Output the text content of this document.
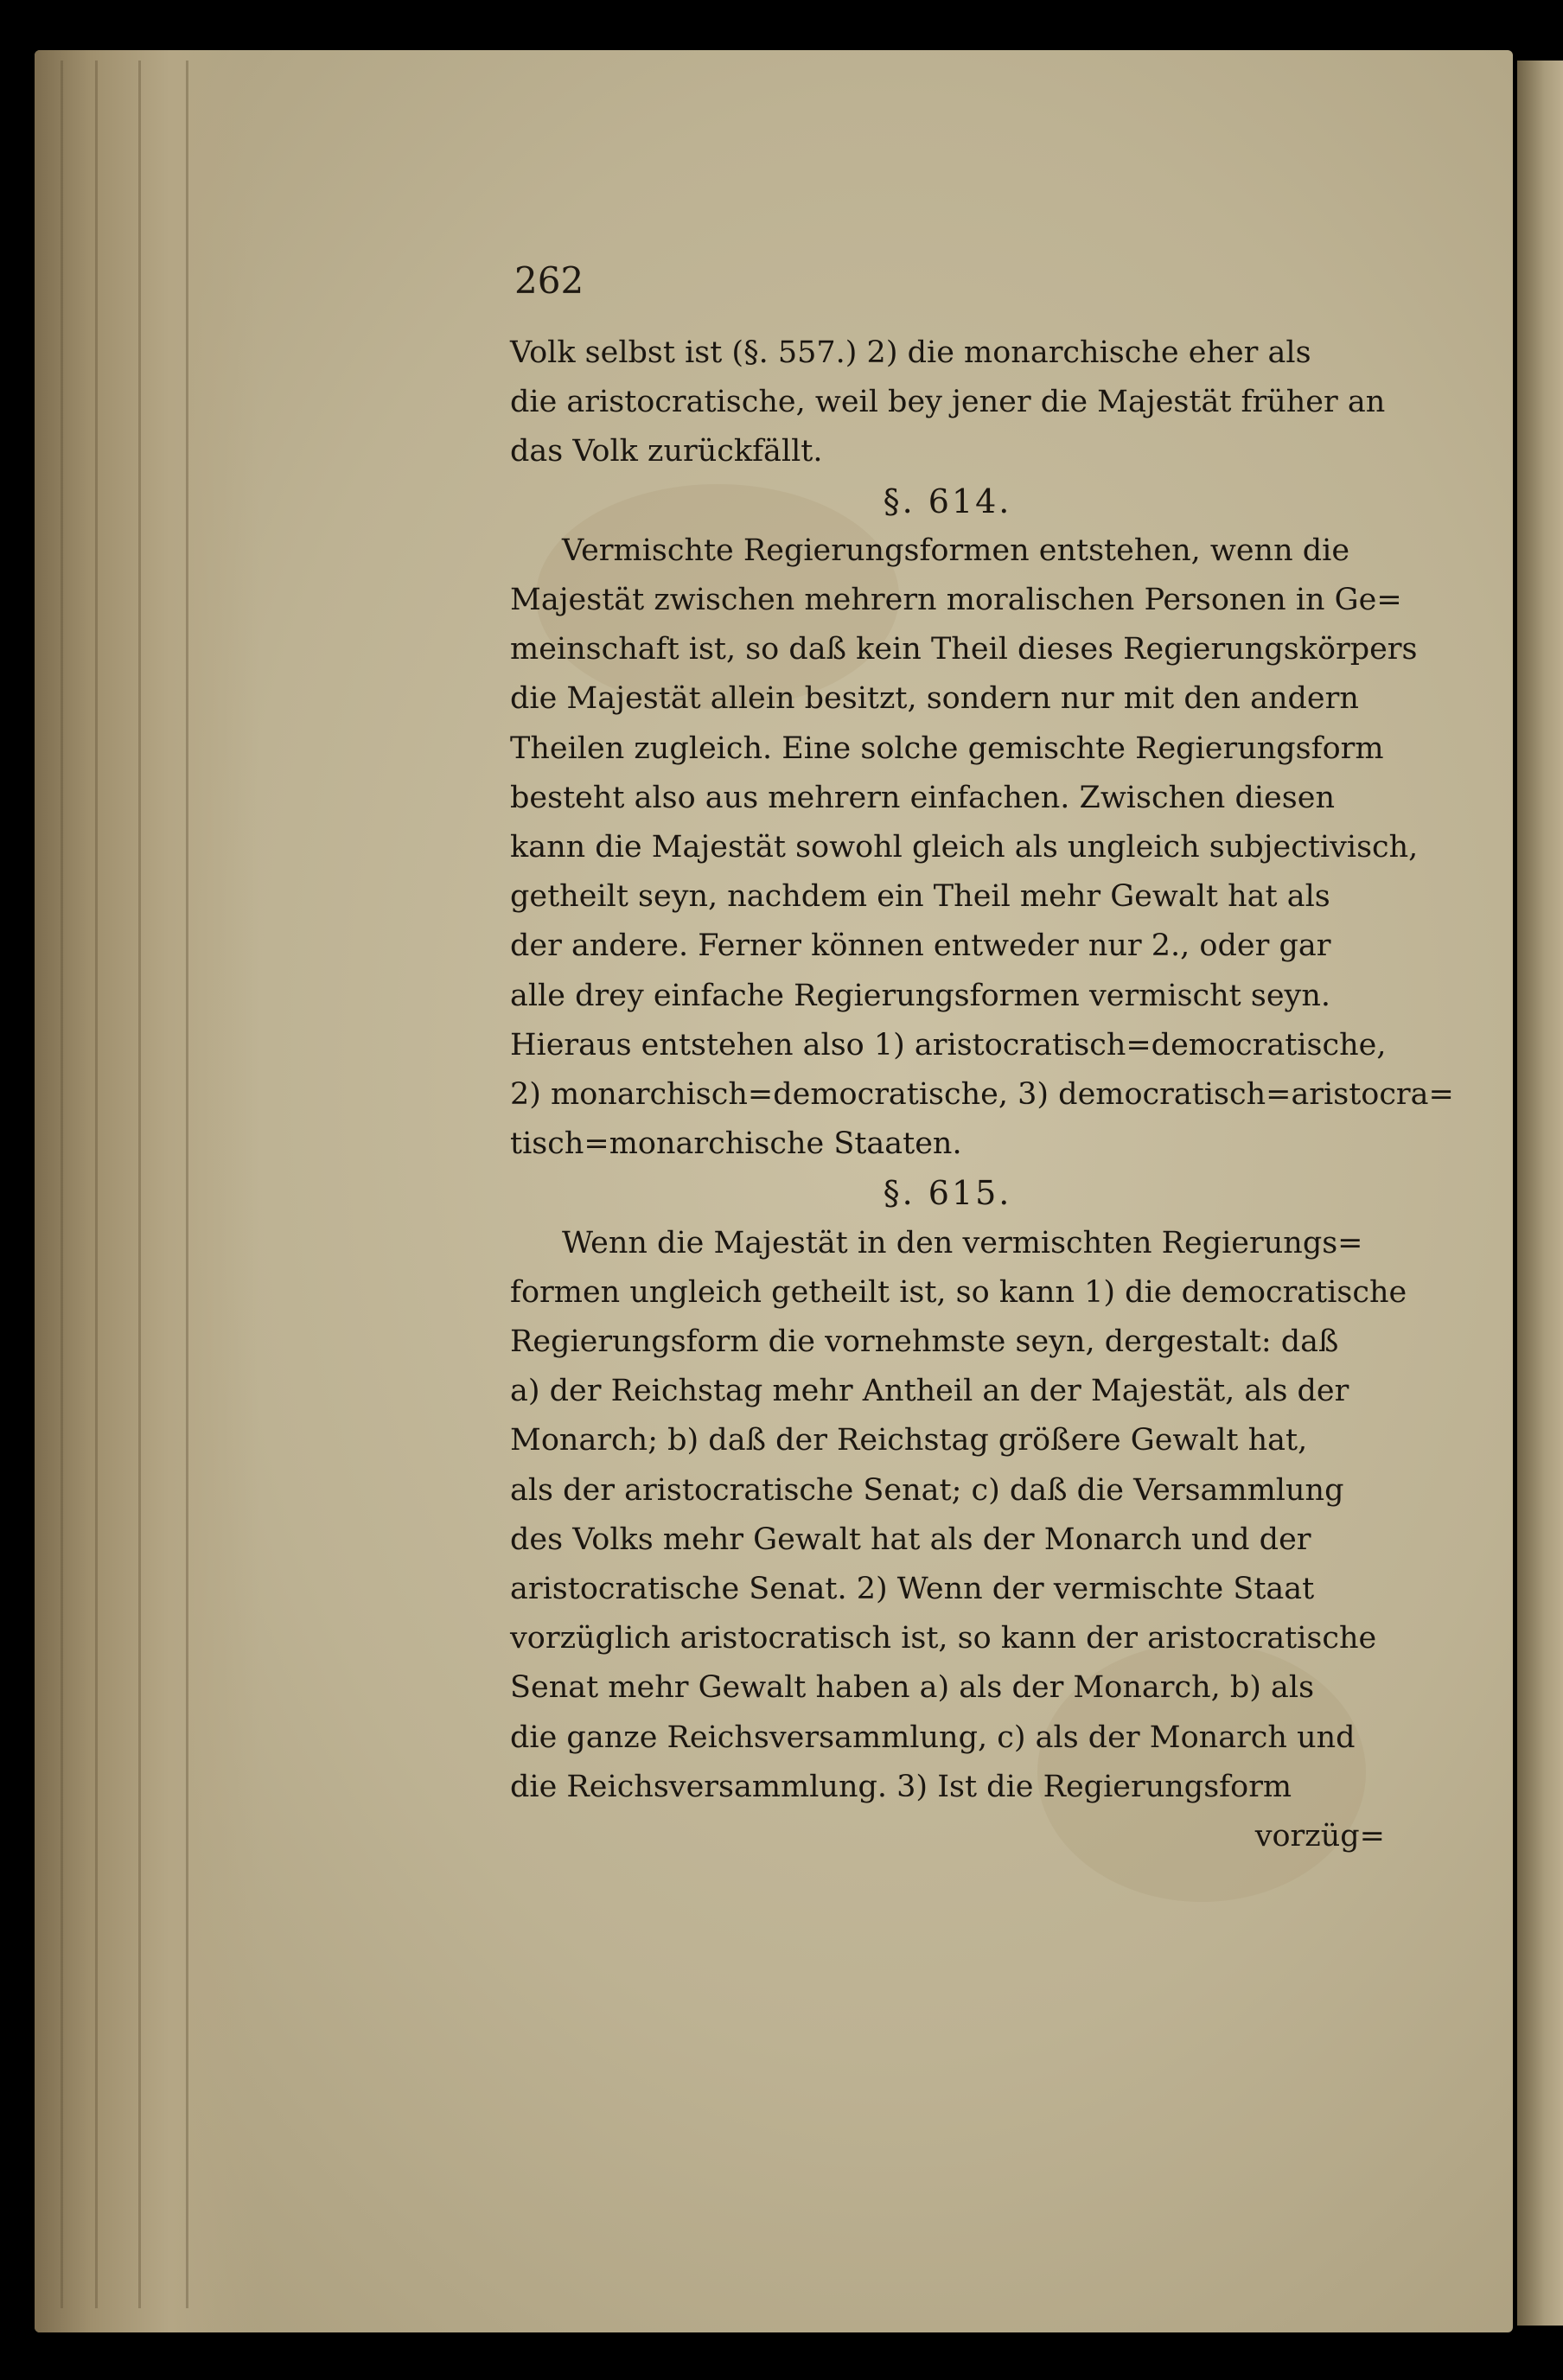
262
Volk selbst ist (§. 557.) 2) die monarchische eher als
die aristocratische, weil bey jener die Majestät früher an
das Volk zurückfällt.

§. 614.

Vermischte Regierungsformen entstehen, wenn die
Majestät zwischen mehrern moralischen Personen in Ge=
meinschaft ist, so daß kein Theil dieses Regierungskörpers
die Majestät allein besitzt, sondern nur mit den andern
Theilen zugleich. Eine solche gemischte Regierungsform
besteht also aus mehrern einfachen. Zwischen diesen
kann die Majestät sowohl gleich als ungleich subjectivisch,
getheilt seyn, nachdem ein Theil mehr Gewalt hat als
der andere. Ferner können entweder nur 2., oder gar
alle drey einfache Regierungsformen vermischt seyn.
Hieraus entstehen also 1) aristocratisch=democratische,
2) monarchisch=democratische, 3) democratisch=aristocra=
tisch=monarchische Staaten.

§. 615.

Wenn die Majestät in den vermischten Regierungs=
formen ungleich getheilt ist, so kann 1) die democratische
Regierungsform die vornehmste seyn, dergestalt: daß
a) der Reichstag mehr Antheil an der Majestät, als der
Monarch; b) daß der Reichstag größere Gewalt hat,
als der aristocratische Senat; c) daß die Versammlung
des Volks mehr Gewalt hat als der Monarch und der
aristocratische Senat. 2) Wenn der vermischte Staat
vorzüglich aristocratisch ist, so kann der aristocratische
Senat mehr Gewalt haben a) als der Monarch, b) als
die ganze Reichsversammlung, c) als der Monarch und
die Reichsversammlung. 3) Ist die Regierungsform
vorzüg=
